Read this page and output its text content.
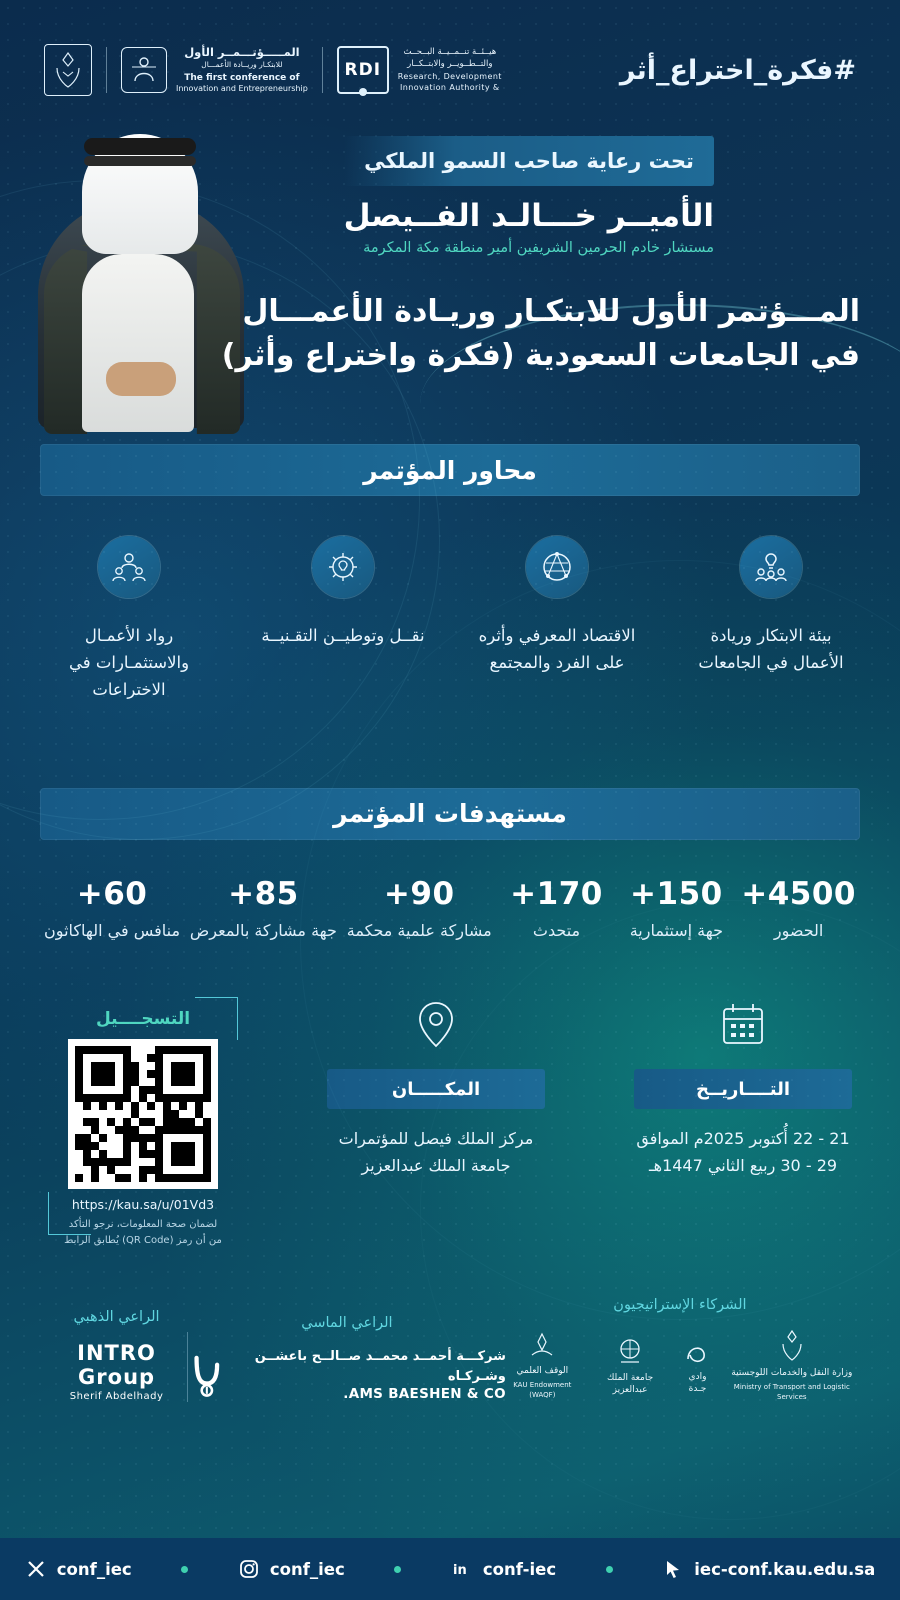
#فكرة_اختراع_أثر
هيــئــة تنــمــيــة البــحــث
والتــطــويــر والابتــكــار
Research, Development
& Innovation Authority
RDI
المـــــؤتـــمــر الأول
للابتكـار وريــادة الأعمـــال
The first conference of
Innovation and Entrepreneurship
تحت رعاية صاحب السمو الملكي
الأميــر خـــالـد الفــيصل
مستشار خادم الحرمين الشريفين أمير منطقة مكة المكرمة
المـــؤتمر الأول للابتكـار وريـادة الأعمـــال
في الجامعات السعودية (فكرة واختراع وأثر)
محاور المؤتمر
بيئة الابتكار وريادة الأعمال في الجامعات
الاقتصاد المعرفي وأثره على الفرد والمجتمع
نقــل وتوطيــن التقـنيــة
رواد الأعمـال والاستثمـارات في الاختراعات
مستهدفات المؤتمر
4500+
الحضور
150+
جهة إستثمارية
170+
متحدث
90+
مشاركة علمية محكمة
85+
جهة مشاركة بالمعرض
60+
منافس في الهاكاثون
التــــاريــخ
21 - 22 أُكتوبر 2025م الموافق
29 - 30 ربيع الثاني 1447هـ
المكـــــان
مركز الملك فيصل للمؤتمرات
جامعة الملك عبدالعزيز
التسجــــيل
https://kau.sa/u/01Vd3
لضمان صحة المعلومات، نرجو التأكد
من أن رمز (QR Code) يُطابق الرابط
الشركاء الإستراتيجيون
وزارة النقل والخدمات اللوجستية
Ministry of Transport and Logistic Services
وادي جـدة
جامعة الملك عبدالعزيز
الوقف العلمي
KAU Endowment (WAQF)
الراعي الماسي
شركـــة أحمــد محمــد صــالــح باعشــن وشـركـاه
AMS BAESHEN & CO.
الراعي الذهبي
INTRO Group
Sherif Abdelhady
conf_iec	conf_iec	in conf-iec	iec-conf.kau.edu.sa
